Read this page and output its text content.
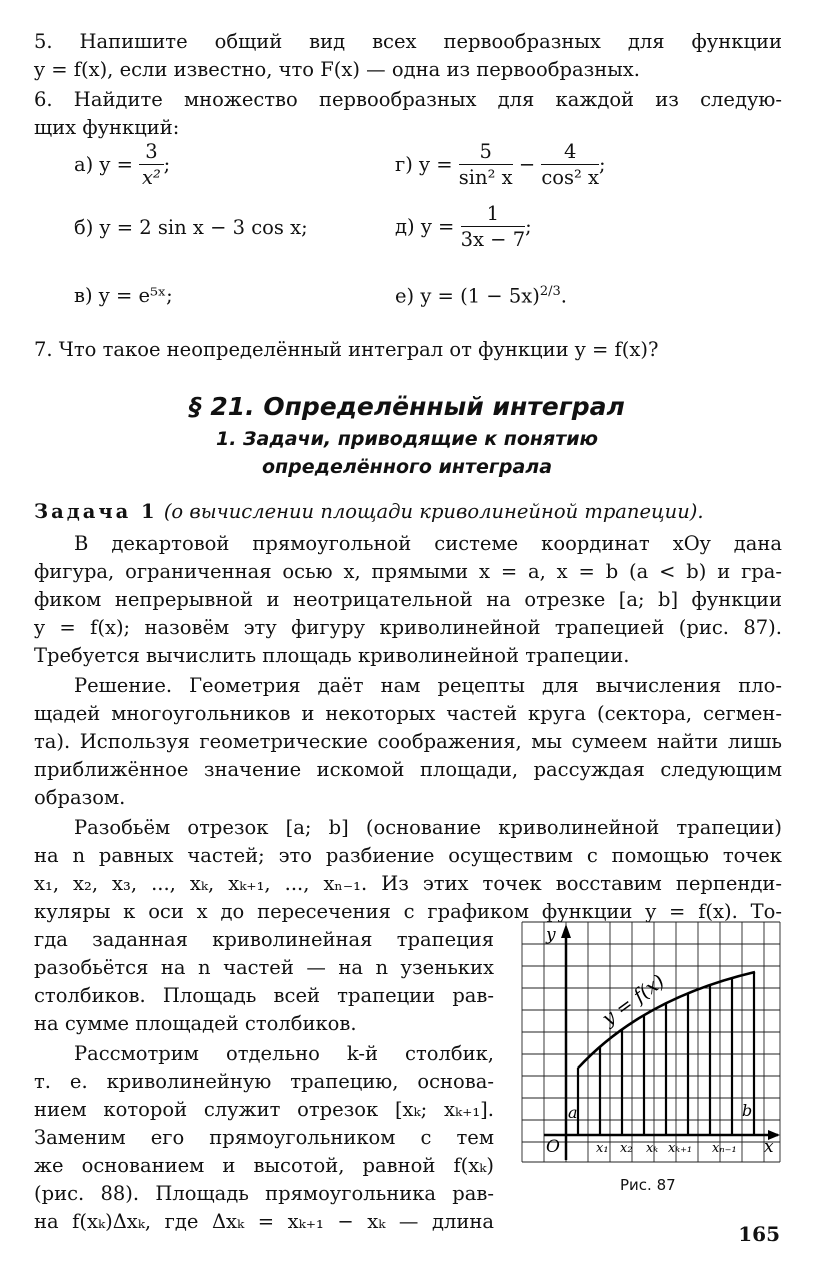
5. Напишите общий вид всех первообразных для функции
y = f(x), если известно, что F(x) — одна из первообразных.
6. Найдите множество первообразных для каждой из следую-
щих функций:
а) $y = \frac{3}{\text{x²}}$ ;	г) $y = \frac{5}{\text{sin² x}} - \frac{4}{\text{cos² x}}$ ;
б) y = 2 sin x − 3 cos x;	д) $y = \frac{1}{3x - 7}$ ;
в) y = e⁵ˣ;	е) $y = (1 - 5x)^{2/3}$.
7. Что такое неопределённый интеграл от функции y = f(x)?
§ 21. Определённый интеграл
1. Задачи, приводящие к понятию
определённого интеграла
Задача 1 (о вычислении площади криволинейной трапеции).
В декартовой прямоугольной системе координат xOy дана
фигура, ограниченная осью x, прямыми x = a, x = b (a < b) и гра-
фиком непрерывной и неотрицательной на отрезке [a; b] функции
y = f(x); назовём эту фигуру криволинейной трапецией (рис. 87).
Требуется вычислить площадь криволинейной трапеции.
Решение. Геометрия даёт нам рецепты для вычисления пло-
щадей многоугольников и некоторых частей круга (сектора, сегмен-
та). Используя геометрические соображения, мы сумеем найти лишь
приближённое значение искомой площади, рассуждая следующим
образом.
Разобьём отрезок [a; b] (основание криволинейной трапеции)
на n равных частей; это разбиение осуществим с помощью точек
x₁, x₂, x₃, ..., xₖ, xₖ₊₁, ..., xₙ₋₁. Из этих точек восставим перпенди-
куляры к оси x до пересечения с графиком функции y = f(x). То-
гда заданная криволинейная трапеция
разобьётся на n частей — на n узеньких
столбиков. Площадь всей трапеции рав-
на сумме площадей столбиков.
Рассмотрим отдельно k-й столбик,
т. е. криволинейную трапецию, основа-
нием которой служит отрезок [xₖ; xₖ₊₁].
Заменим его прямоугольником с тем
же основанием и высотой, равной f(xₖ)
(рис. 88). Площадь прямоугольника рав-
на f(xₖ)Δxₖ, где Δxₖ = xₖ₊₁ − xₖ — длина
y
x
O
a	b
y = f(x)
x₁ x₂ xₖ xₖ₊₁ xₙ₋₁
Рис. 87
165
